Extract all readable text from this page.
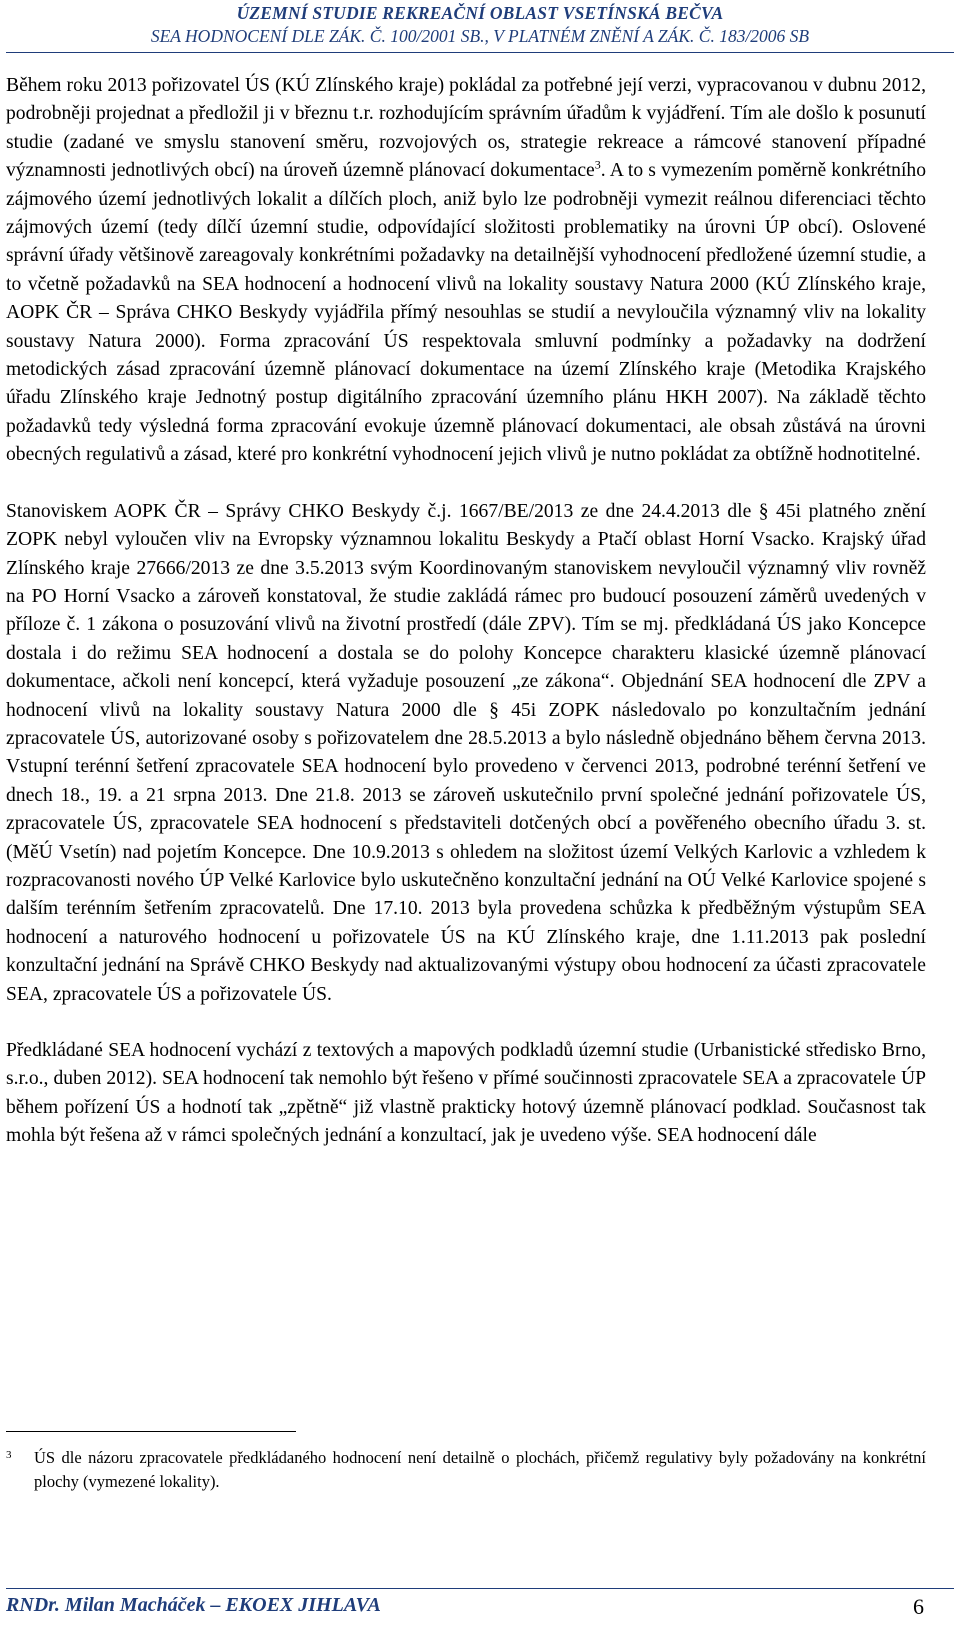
ÚZEMNÍ STUDIE REKREAČNÍ OBLAST VSETÍNSKÁ BEČVA
SEA HODNOCENÍ DLE ZÁK. Č. 100/2001 SB., V PLATNÉM ZNĚNÍ A ZÁK. Č. 183/2006 SB

Během roku 2013 pořizovatel ÚS (KÚ Zlínského kraje) pokládal za potřebné její verzi, vypracovanou v dubnu 2012, podrobněji projednat a předložil ji v březnu t.r. rozhodujícím správním úřadům k vyjádření. Tím ale došlo k posunutí studie (zadané ve smyslu stanovení směru, rozvojových os, strategie rekreace a rámcové stanovení případné významnosti jednotlivých obcí) na úroveň územně plánovací dokumentace$^3$. A to s vymezením poměrně konkrétního zájmového území jednotlivých lokalit a dílčích ploch, aniž bylo lze podrobněji vymezit reálnou diferenciaci těchto zájmových území (tedy dílčí územní studie, odpovídající složitosti problematiky na úrovni ÚP obcí). Oslovené správní úřady většinově zareagovaly konkrétními požadavky na detailnější vyhodnocení předložené územní studie, a to včetně požadavků na SEA hodnocení a hodnocení vlivů na lokality soustavy Natura 2000 (KÚ Zlínského kraje, AOPK ČR – Správa CHKO Beskydy vyjádřila přímý nesouhlas se studií a nevyloučila významný vliv na lokality soustavy Natura 2000). Forma zpracování ÚS respektovala smluvní podmínky a požadavky na dodržení metodických zásad zpracování územně plánovací dokumentace na území Zlínského kraje (Metodika Krajského úřadu Zlínského kraje Jednotný postup digitálního zpracování územního plánu HKH 2007). Na základě těchto požadavků tedy výsledná forma zpracování evokuje územně plánovací dokumentaci, ale obsah zůstává na úrovni obecných regulativů a zásad, které pro konkrétní vyhodnocení jejich vlivů je nutno pokládat za obtížně hodnotitelné.

Stanoviskem AOPK ČR – Správy CHKO Beskydy č.j. 1667/BE/2013 ze dne 24.4.2013 dle § 45i platného znění ZOPK nebyl vyloučen vliv na Evropsky významnou lokalitu Beskydy a Ptačí oblast Horní Vsacko. Krajský úřad Zlínského kraje 27666/2013 ze dne 3.5.2013 svým Koordinovaným stanoviskem nevyloučil významný vliv rovněž na PO Horní Vsacko a zároveň konstatoval, že studie zakládá rámec pro budoucí posouzení záměrů uvedených v příloze č. 1 zákona o posuzování vlivů na životní prostředí (dále ZPV). Tím se mj. předkládaná ÚS jako Koncepce dostala i do režimu SEA hodnocení a dostala se do polohy Koncepce charakteru klasické územně plánovací dokumentace, ačkoli není koncepcí, která vyžaduje posouzení „ze zákona“. Objednání SEA hodnocení dle ZPV a hodnocení vlivů na lokality soustavy Natura 2000 dle § 45i ZOPK následovalo po konzultačním jednání zpracovatele ÚS, autorizované osoby s pořizovatelem dne 28.5.2013 a bylo následně objednáno během června 2013. Vstupní terénní šetření zpracovatele SEA hodnocení bylo provedeno v červenci 2013, podrobné terénní šetření ve dnech 18., 19. a 21 srpna 2013. Dne 21.8. 2013 se zároveň uskutečnilo první společné jednání pořizovatele ÚS, zpracovatele ÚS, zpracovatele SEA hodnocení s představiteli dotčených obcí a pověřeného obecního úřadu 3. st. (MěÚ Vsetín) nad pojetím Koncepce. Dne 10.9.2013 s ohledem na složitost území Velkých Karlovic a vzhledem k rozpracovanosti nového ÚP Velké Karlovice bylo uskutečněno konzultační jednání na OÚ Velké Karlovice spojené s dalším terénním šetřením zpracovatelů. Dne 17.10. 2013 byla provedena schůzka k předběžným výstupům SEA hodnocení a naturového hodnocení u pořizovatele ÚS na KÚ Zlínského kraje, dne 1.11.2013 pak poslední konzultační jednání na Správě CHKO Beskydy nad aktualizovanými výstupy obou hodnocení za účasti zpracovatele SEA, zpracovatele ÚS a pořizovatele ÚS.

Předkládané SEA hodnocení vychází z textových a mapových podkladů územní studie (Urbanistické středisko Brno, s.r.o., duben 2012). SEA hodnocení tak nemohlo být řešeno v přímé součinnosti zpracovatele SEA a zpracovatele ÚP během pořízení ÚS a hodnotí tak „zpětně“ již vlastně prakticky hotový územně plánovací podklad. Současnost tak mohla být řešena až v rámci společných jednání a konzultací, jak je uvedeno výše. SEA hodnocení dále

3	ÚS dle názoru zpracovatele předkládaného hodnocení není detailně o plochách, přičemž regulativy byly požadovány na konkrétní plochy (vymezené lokality).
RNDr. Milan Macháček – EKOEX JIHLAVA	6
